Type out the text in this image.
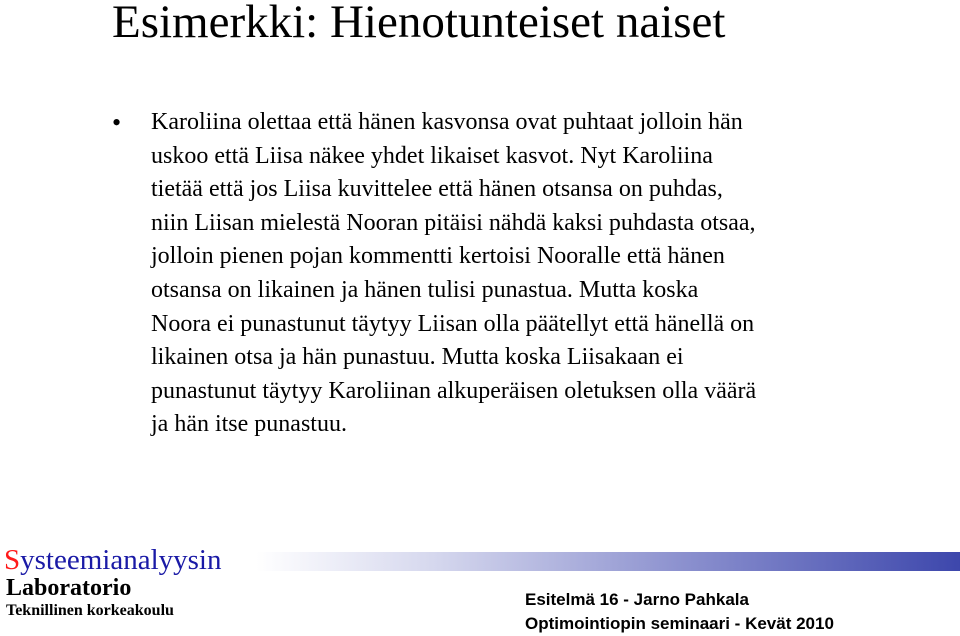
Esimerkki: Hienotunteiset naiset
• Karoliina olettaa että hänen kasvonsa ovat puhtaat jolloin hän
uskoo että Liisa näkee yhdet likaiset kasvot. Nyt Karoliina
tietää että jos Liisa kuvittelee että hänen otsansa on puhdas,
niin Liisan mielestä Nooran pitäisi nähdä kaksi puhdasta otsaa,
jolloin pienen pojan kommentti kertoisi Nooralle että hänen
otsansa on likainen ja hänen tulisi punastua. Mutta koska
Noora ei punastunut täytyy Liisan olla päätellyt että hänellä on
likainen otsa ja hän punastuu. Mutta koska Liisakaan ei
punastunut täytyy Karoliinan alkuperäisen oletuksen olla väärä
ja hän itse punastuu.
Systeemianalyysin
Laboratorio
Teknillinen korkeakoulu
Esitelmä 16 - Jarno Pahkala
Optimointiopin seminaari - Kevät 2010
